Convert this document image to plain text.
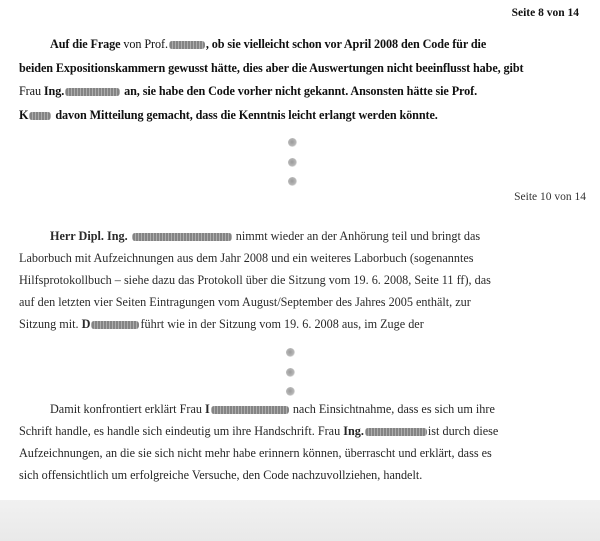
Seite 8 von 14
Auf die Frage von Prof.	, ob sie vielleicht schon vor April 2008 den Code für die
beiden Expositionskammern gewusst hätte, dies aber die Auswertungen nicht beeinflusst habe, gibt
Frau Ing.	an, sie habe den Code vorher nicht gekannt. Ansonsten hätte sie Prof.
K davon Mitteilung gemacht, dass die Kenntnis leicht erlangt werden könnte.
Seite 10 von 14
Herr Dipl. Ing.	nimmt wieder an der Anhörung teil und bringt das
Laborbuch mit Aufzeichnungen aus dem Jahr 2008 und ein weiteres Laborbuch (sogenanntes
Hilfsprotokollbuch – siehe dazu das Protokoll über die Sitzung vom 19. 6. 2008, Seite 11 ff), das
auf den letzten vier Seiten Eintragungen vom August/September des Jahres 2005 enthält, zur
Sitzung mit. D	führt wie in der Sitzung vom 19. 6. 2008 aus, im Zuge der
Damit konfrontiert erklärt Frau I	nach Einsichtnahme, dass es sich um ihre
Schrift handle, es handle sich eindeutig um ihre Handschrift. Frau Ing.	ist durch diese
Aufzeichnungen, an die sie sich nicht mehr habe erinnern können, überrascht und erklärt, dass es
sich offensichtlich um erfolgreiche Versuche, den Code nachzuvollziehen, handelt.
